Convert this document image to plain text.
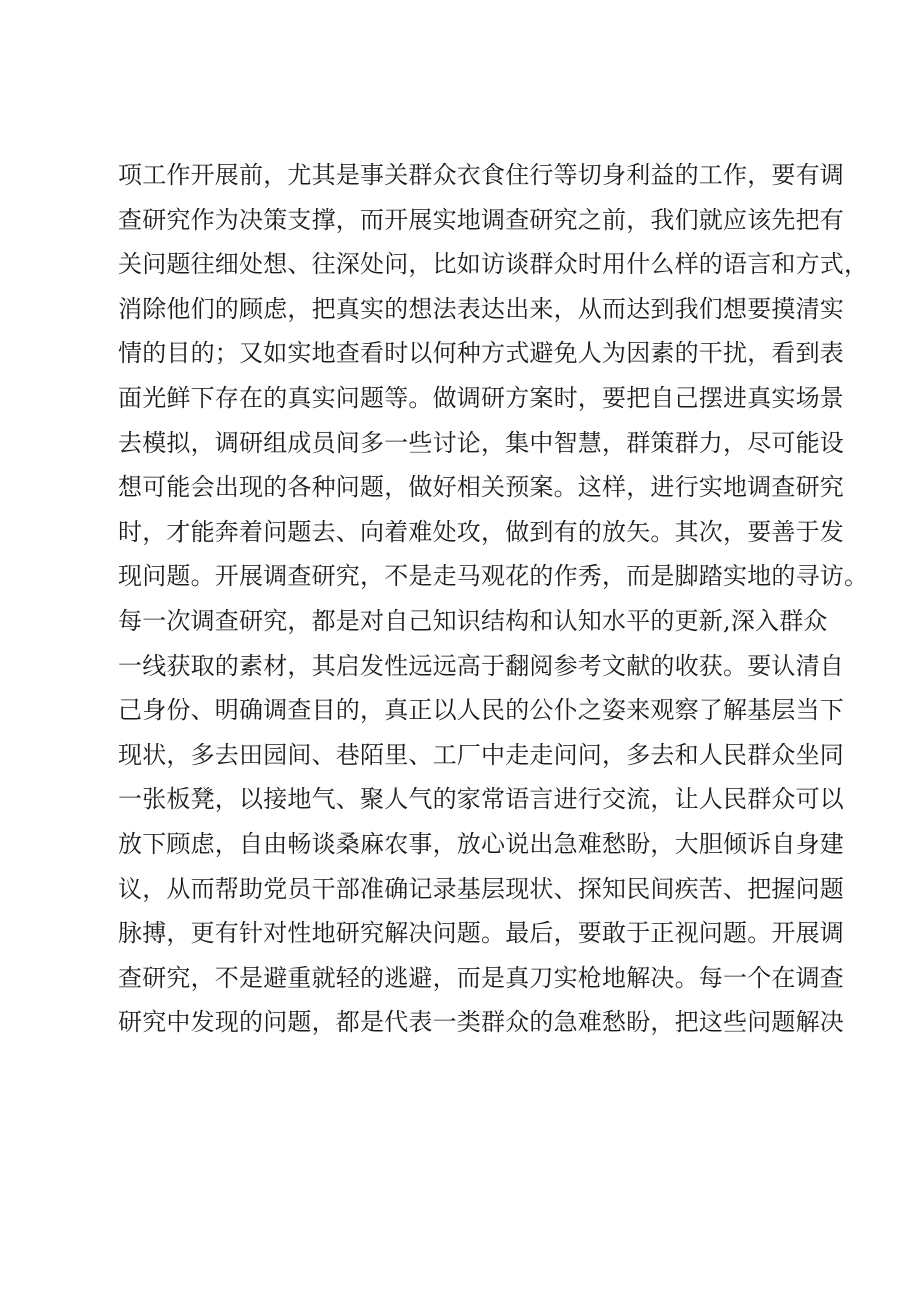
项工作开展前，尤其是事关群众衣食住行等切身利益的工作，要有调
查研究作为决策支撑，而开展实地调查研究之前，我们就应该先把有
关问题往细处想、往深处问，比如访谈群众时用什么样的语言和方式，
消除他们的顾虑，把真实的想法表达出来，从而达到我们想要摸清实
情的目的；又如实地查看时以何种方式避免人为因素的干扰，看到表
面光鲜下存在的真实问题等。做调研方案时，要把自己摆进真实场景
去模拟，调研组成员间多一些讨论，集中智慧，群策群力，尽可能设
想可能会出现的各种问题，做好相关预案。这样，进行实地调查研究
时，才能奔着问题去、向着难处攻，做到有的放矢。其次，要善于发
现问题。开展调查研究，不是走马观花的作秀，而是脚踏实地的寻访。
每一次调查研究，都是对自己知识结构和认知水平的更新,深入群众
一线获取的素材，其启发性远远高于翻阅参考文献的收获。要认清自
己身份、明确调查目的，真正以人民的公仆之姿来观察了解基层当下
现状，多去田园间、巷陌里、工厂中走走问问，多去和人民群众坐同
一张板凳，以接地气、聚人气的家常语言进行交流，让人民群众可以
放下顾虑，自由畅谈桑麻农事，放心说出急难愁盼，大胆倾诉自身建
议，从而帮助党员干部准确记录基层现状、探知民间疾苦、把握问题
脉搏，更有针对性地研究解决问题。最后，要敢于正视问题。开展调
查研究，不是避重就轻的逃避，而是真刀实枪地解决。每一个在调查
研究中发现的问题，都是代表一类群众的急难愁盼，把这些问题解决
